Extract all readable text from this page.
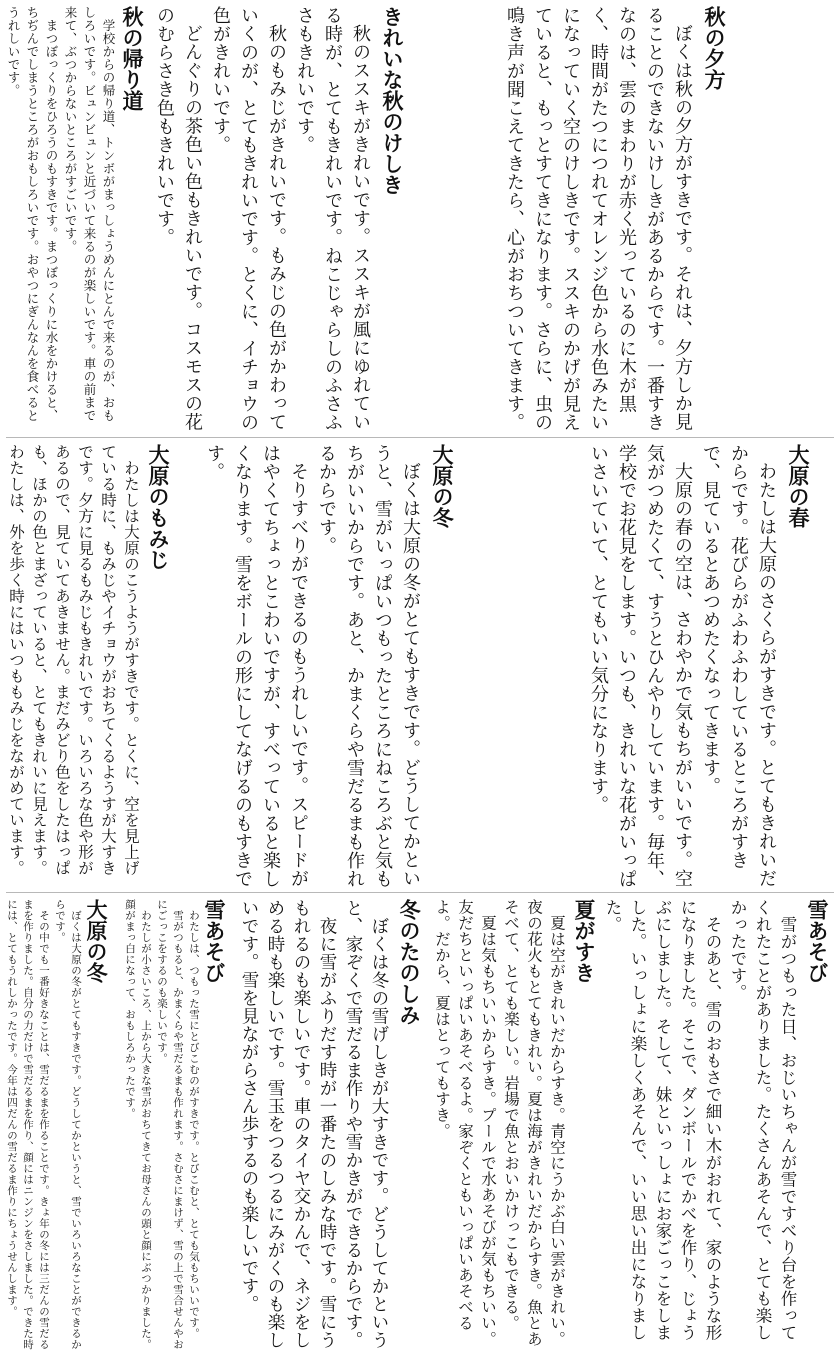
秋の夕方

ぼくは秋の夕方がすきです。それは、夕方しか見ることのできないけしきがあるからです。一番すきなのは、雲のまわりが赤く光っているのに木が黒く、時間がたつにつれてオレンジ色から水色みたいになっていく空のけしきです。ススキのかげが見えていると、もっとすてきになります。さらに、虫の鳴き声が聞こえてきたら、心がおちついてきます。

きれいな秋のけしき

秋のススキがきれいです。ススキが風にゆれている時が、とてもきれいです。ねこじゃらしのふさふさもきれいです。

秋のもみじがきれいです。もみじの色がかわっていくのが、とてもきれいです。とくに、イチョウの色がきれいです。

どんぐりの茶色い色もきれいです。コスモスの花のむらさき色もきれいです。

秋の帰り道

学校からの帰り道、トンボがまっしょうめんにとんで来るのが、おもしろいです。ビュンビュンと近づいて来るのが楽しいです。車の前まで来て、ぶつからないところがすごいです。

まつぼっくりをひろうのもすきです。まつぼっくりに水をかけると、ちぢんでしまうところがおもしろいです。おやつにぎんなんを食べるとうれしいです。

大原の冬

ぼくは大原の冬がとてもすきです。どうしてかというと、雪がいっぱいつもったところにねころぶと気もちがいいからです。あと、かまくらや雪だるまも作れるからです。

そりすべりができるのもうれしいです。スピードがはやくてちょっとこわいですが、すべっていると楽しくなります。雪をボールの形にしてなげるのもすきです。

大原のもみじ

わたしは大原のこうようがすきです。とくに、空を見上げている時に、もみじやイチョウがおちてくるようすが大すきです。夕方に見るもみじもきれいです。いろいろな色や形があるので、見ていてあきません。まだみどり色をしたはっぱも、ほかの色とまざっていると、とてもきれいに見えます。わたしは、外を歩く時にはいつももみじをながめています。	大原の春

わたしは大原のさくらがすきです。とてもきれいだからです。花びらがふわふわしているところがすきで、見ているとあつめたくなってきます。

大原の春の空は、さわやかで気もちがいいです。空気がつめたくて、すうとひんやりしています。毎年、学校でお花見をします。いつも、きれいな花がいっぱいさいていて、とてもいい気分になります。

雪あそび

雪がつもった日、おじいちゃんが雪ですべり台を作ってくれたことがありました。たくさんあそんで、とても楽しかったです。

そのあと、雪のおもさで細い木がおれて、家のような形になりました。そこで、ダンボールでかべを作り、じょうぶにしました。そして、妹といっしょにお家ごっこをしました。いっしょに楽しくあそんで、いい思い出になりました。

夏がすき

夏は空がきれいだからすき。青空にうかぶ白い雲がきれい。夜の花火もとてもきれい。夏は海がきれいだからすき。魚とあそべて、とても楽しい。岩場で魚とおいかけっこもできる。

夏は気もちいいからすき。プールで水あそびが気もちいい。友だちといっぱいあそべるよ。家ぞくともいっぱいあそべるよ。だから、夏はとってもすき。

冬のたのしみ

ぼくは冬の雪げしきが大すきです。どうしてかというと、家ぞくで雪だるま作りや雪かきができるからです。

夜に雪がふりだす時が一番たのしみな時です。雪にうもれるのも楽しいです。車のタイヤ交かんで、ネジをしめる時も楽しいです。雪玉をつるつるにみがくのも楽しいです。雪を見ながらさん歩するのも楽しいです。

雪あそび

わたしは、つもった雪にとびこむのがすきです。とびこむと、とても気もちいいです。

雪がつもると、かまくらや雪だるまも作れます。さむさにまけず、雪の上で雪合せんやおにごっこをするのも楽しいです。

わたしが小さいころ、上から大きな雪がおちてきてお母さんの頭と顔にぶつかりました。顔がまっ白になって、おもしろかったです。

大原の冬

ぼくは大原の冬がとてもすきです。どうしてかというと、雪でいろいろなことができるからです。

その中でも一番好きなことは、雪だるまを作ることです。きょ年の冬には三だんの雪だるまを作りました。自分の力だけで雪だるまを作り、顔にはニンジンをさしました。できた時には、とてもうれしかったです。今年は四だんの雪だるま作りにちょうせんします。
